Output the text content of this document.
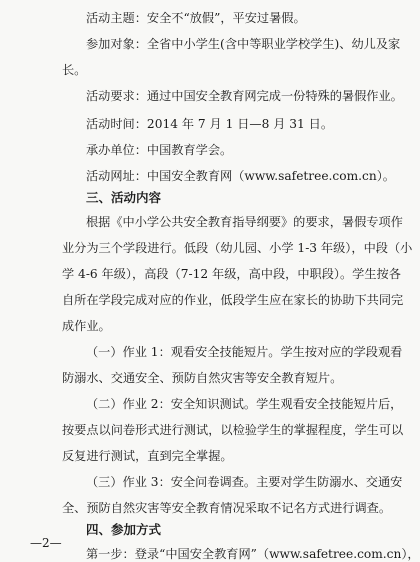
活动主题：安全不“放假”，平安过暑假。
参加对象：全省中小学生(含中等职业学校学生)、幼儿及家
长。
活动要求：通过中国安全教育网完成一份特殊的暑假作业。
活动时间：2014 年 7 月 1 日—8 月 31 日。
承办单位：中国教育学会。
活动网址：中国安全教育网（www.safetree.com.cn）。
三、活动内容
根据《中小学公共安全教育指导纲要》的要求，暑假专项作
业分为三个学段进行。低段（幼儿园、小学 1-3 年级），中段（小
学 4-6 年级），高段（7-12 年级，高中段，中职段）。学生按各
自所在学段完成对应的作业，低段学生应在家长的协助下共同完
成作业。
（一）作业 1：观看安全技能短片。学生按对应的学段观看
防溺水、交通安全、预防自然灾害等安全教育短片。
（二）作业 2：安全知识测试。学生观看安全技能短片后，
按要点以问卷形式进行测试，以检验学生的掌握程度，学生可以
反复进行测试，直到完全掌握。
（三）作业 3：安全问卷调查。主要对学生防溺水、交通安
全、预防自然灾害等安全教育情况采取不记名方式进行调查。
四、参加方式
第一步：登录“中国安全教育网”（www.safetree.com.cn），
—2—
